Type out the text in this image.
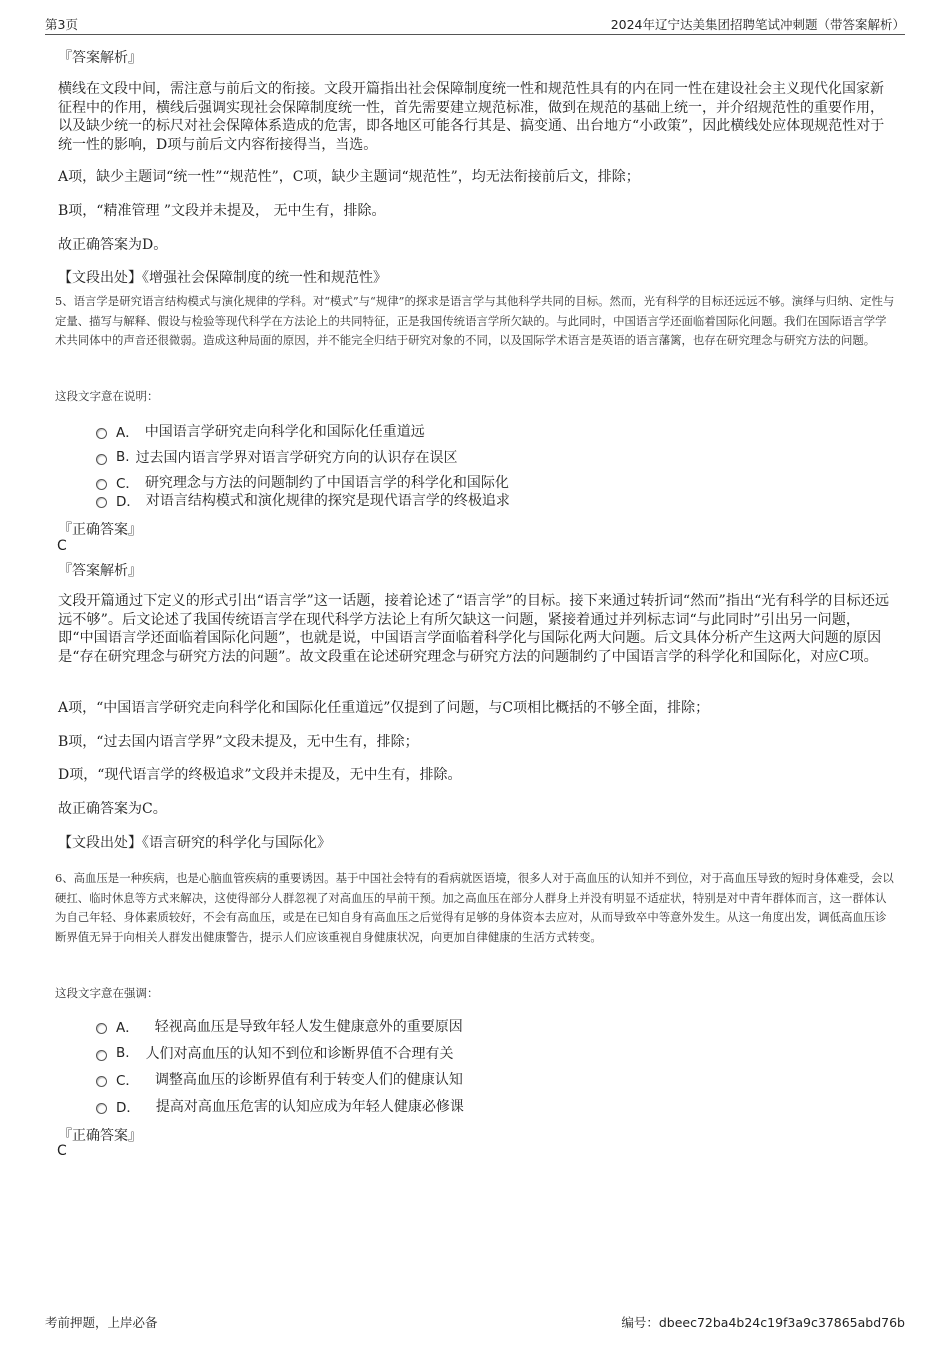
第3页	2024年辽宁达美集团招聘笔试冲刺题（带答案解析）

『答案解析』

横线在文段中间，需注意与前后文的衔接。文段开篇指出社会保障制度统一性和规范性具有的内在同一性在建设社会主义现代化国家新征程中的作用，横线后强调实现社会保障制度统一性，首先需要建立规范标准，做到在规范的基础上统一，并介绍规范性的重要作用，以及缺少统一的标尺对社会保障体系造成的危害，即各地区可能各行其是、搞变通、出台地方“小政策”，因此横线处应体现规范性对于统一性的影响，D项与前后文内容衔接得当，当选。

A项，缺少主题词“统一性”“规范性”，C项，缺少主题词“规范性”，均无法衔接前后文，排除；

B项，“精准管理 ”文段并未提及， 无中生有，排除。

故正确答案为D。

【文段出处】《增强社会保障制度的统一性和规范性》

5、语言学是研究语言结构模式与演化规律的学科。对“模式”与“规律”的探求是语言学与其他科学共同的目标。然而，光有科学的目标还远远不够。演绎与归纳、定性与定量、描写与解释、假设与检验等现代科学在方法论上的共同特征，正是我国传统语言学所欠缺的。与此同时，中国语言学还面临着国际化问题。我们在国际语言学学术共同体中的声音还很微弱。造成这种局面的原因，并不能完全归结于研究对象的不同，以及国际学术语言是英语的语言藩篱，也存在研究理念与研究方法的问题。

这段文字意在说明：

A． 中国语言学研究走向科学化和国际化任重道远
B. 过去国内语言学界对语言学研究方向的认识存在误区
C． 研究理念与方法的问题制约了中国语言学的科学化和国际化
D． 对语言结构模式和演化规律的探究是现代语言学的终极追求

『正确答案』

C

『答案解析』

文段开篇通过下定义的形式引出“语言学”这一话题，接着论述了“语言学”的目标。接下来通过转折词“然而”指出“光有科学的目标还远远不够”。后文论述了我国传统语言学在现代科学方法论上有所欠缺这一问题，紧接着通过并列标志词“与此同时”引出另一问题，即“中国语言学还面临着国际化问题”，也就是说，中国语言学面临着科学化与国际化两大问题。后文具体分析产生这两大问题的原因是“存在研究理念与研究方法的问题”。故文段重在论述研究理念与研究方法的问题制约了中国语言学的科学化和国际化，对应C项。

A项，“中国语言学研究走向科学化和国际化任重道远”仅提到了问题，与C项相比概括的不够全面，排除；

B项，“过去国内语言学界”文段未提及，无中生有，排除；

D项，“现代语言学的终极追求”文段并未提及，无中生有，排除。

故正确答案为C。

【文段出处】《语言研究的科学化与国际化》

6、高血压是一种疾病，也是心脑血管疾病的重要诱因。基于中国社会特有的看病就医语境，很多人对于高血压的认知并不到位，对于高血压导致的短时身体难受，会以硬扛、临时休息等方式来解决，这使得部分人群忽视了对高血压的早前干预。加之高血压在部分人群身上并没有明显不适症状，特别是对中青年群体而言，这一群体认为自己年轻、身体素质较好，不会有高血压，或是在已知自身有高血压之后觉得有足够的身体资本去应对，从而导致卒中等意外发生。从这一角度出发，调低高血压诊断界值无异于向相关人群发出健康警告，提示人们应该重视自身健康状况，向更加自律健康的生活方式转变。

这段文字意在强调：

A． 轻视高血压是导致年轻人发生健康意外的重要原因
B. 人们对高血压的认知不到位和诊断界值不合理有关
C． 调整高血压的诊断界值有利于转变人们的健康认知
D． 提高对高血压危害的认知应成为年轻人健康必修课

『正确答案』

C

考前押题，上岸必备	编号：dbeec72ba4b24c19f3a9c37865abd76b
